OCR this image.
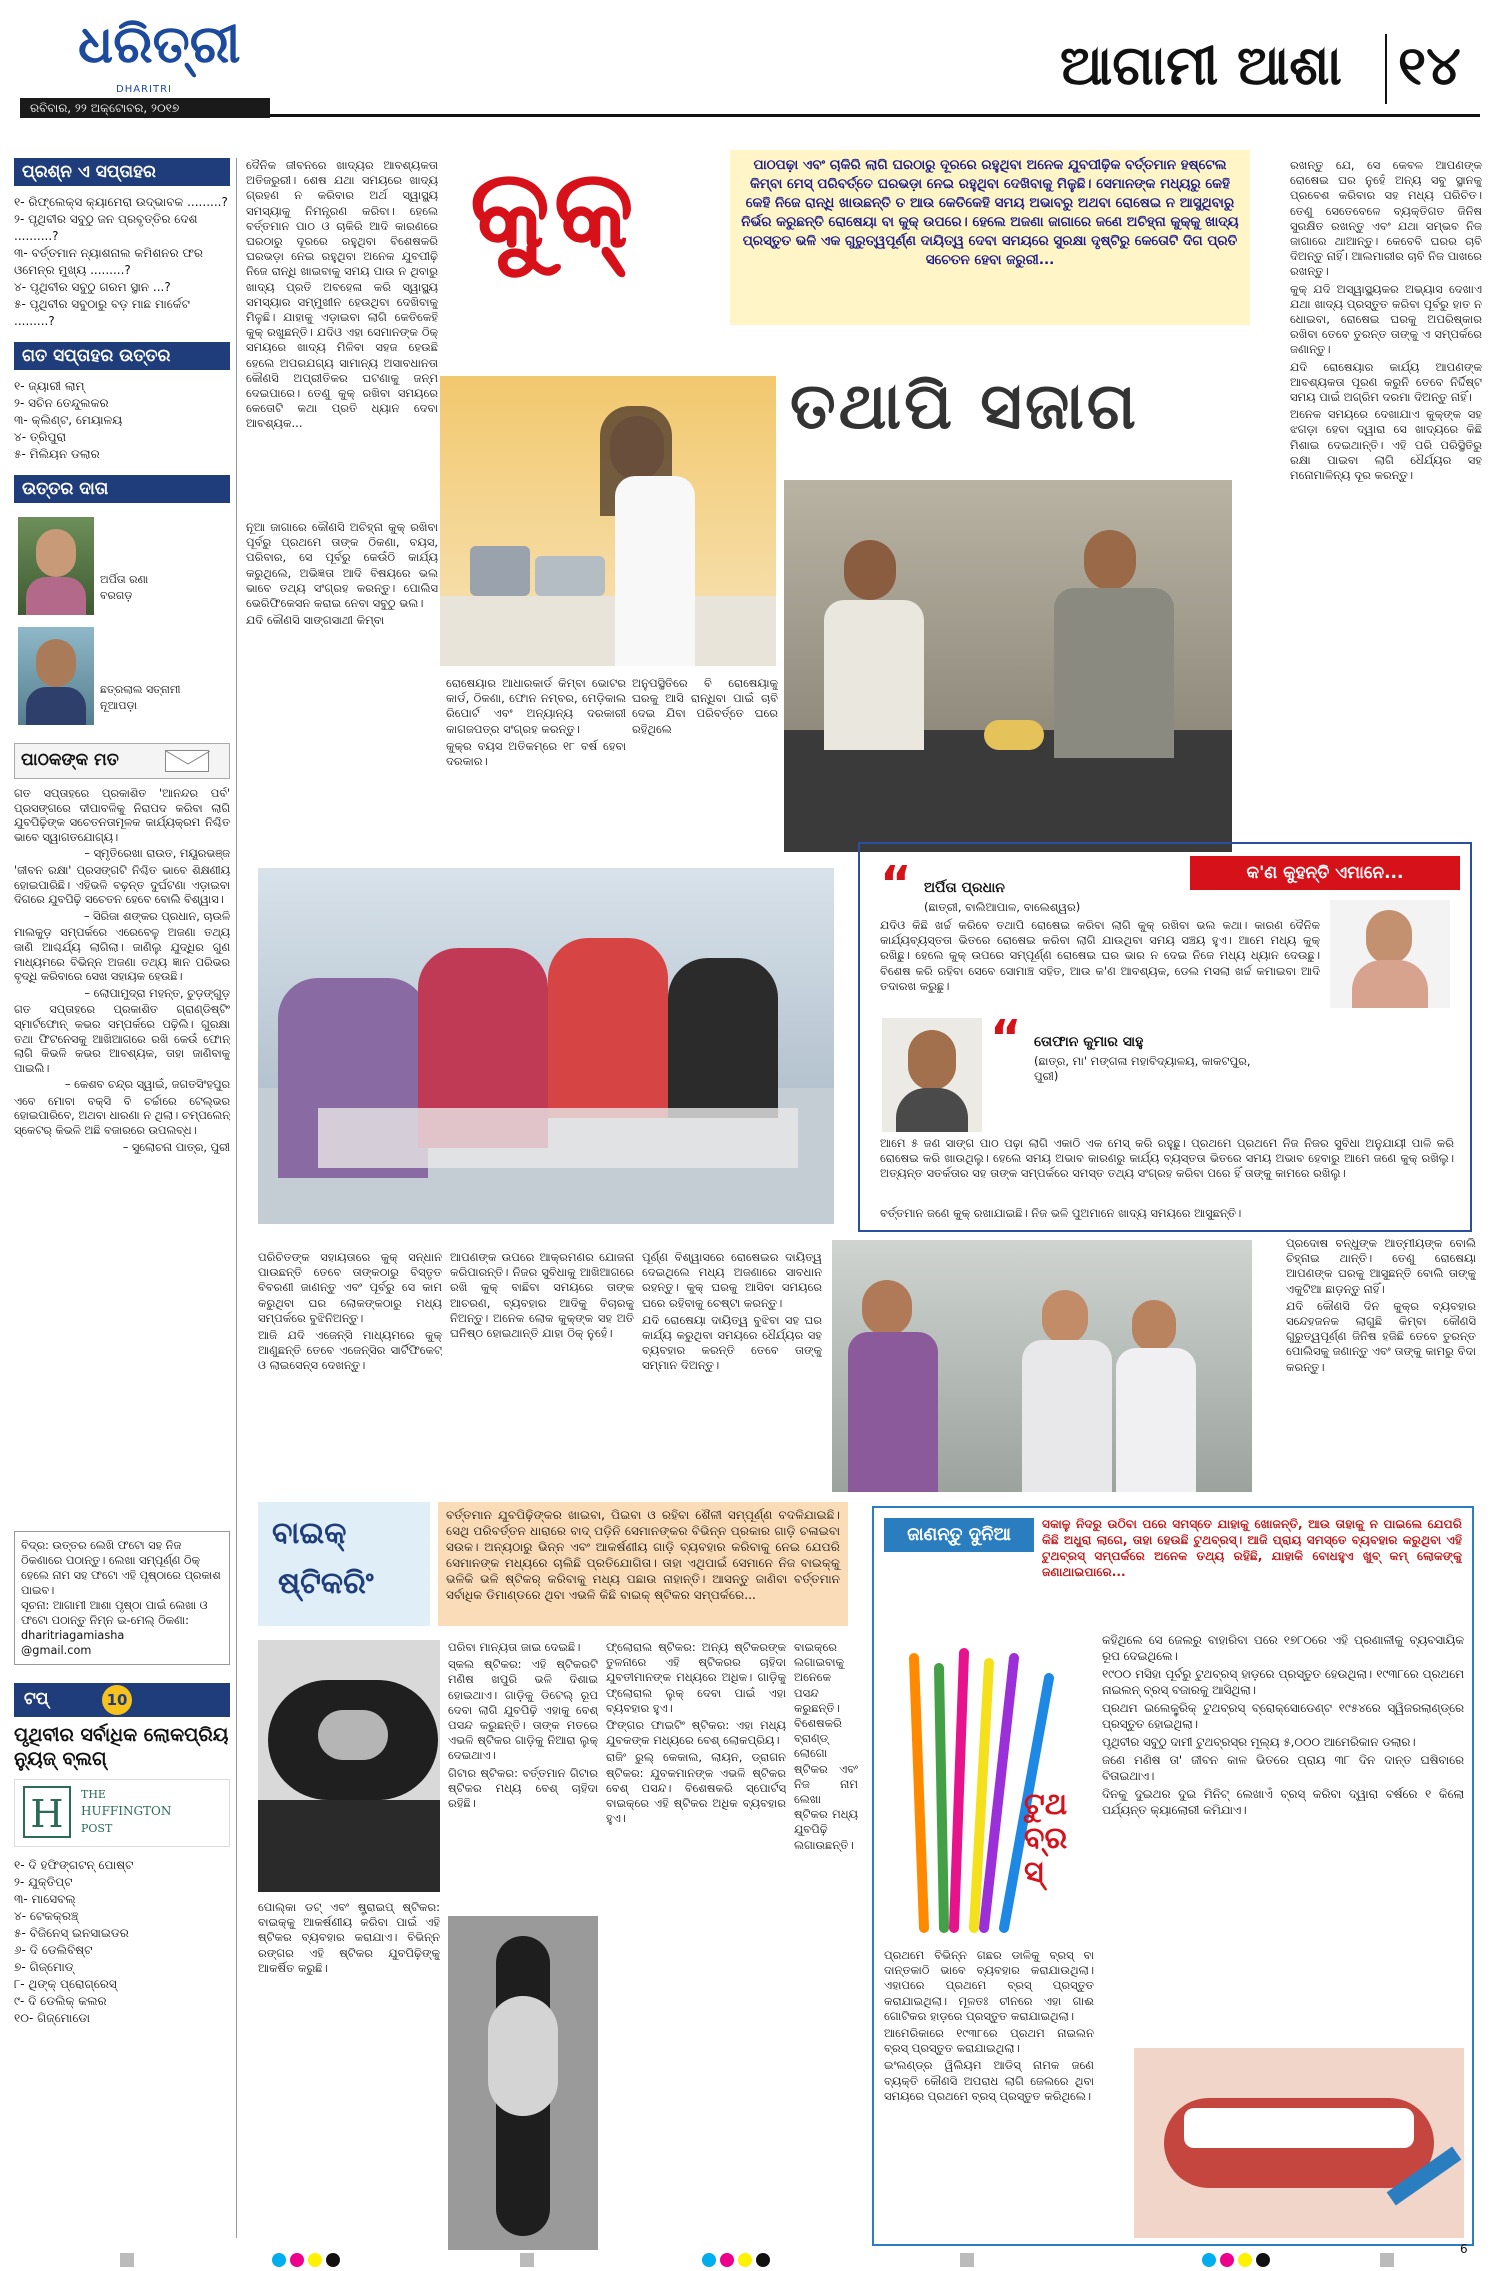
ଧରିତ୍ରୀ
DHARITRI
ରବିବାର, ୨୨ ଅକ୍ଟୋବର, ୨୦୧୭
ଆଗାମୀ ଆଶା ୧୪
ପ୍ରଶ୍ନ ଏ ସପ୍ତାହର
୧- ରିଫ୍ଲେକ୍ସ କ୍ୟାମେରା ଉଦ୍ଭାବକ .........?
୨- ପୃଥିବୀର ସବୁଠୁ ଜନ ପ୍ରବୃତ୍ତିର ଦେଶ ..........?
୩- ବର୍ତ୍ତମାନ ନ୍ୟାଶନାଲ କମିଶନର ଫର ଓମେନ୍‌ର ମୁଖ୍ୟ .........?
୪- ପୃଥିବୀର ସବୁଠୁ ଗରମ ସ୍ଥାନ ...?
୫- ପୃଥିବୀର ସବୁଠାରୁ ବଡ଼ ମାଛ ମାର୍କେଟ .........?
ଗତ ସପ୍ତାହର ଉତ୍ତର
୧- ଜ୍ୟାରୀ ଲାମ୍
୨- ସଚିନ ତେନ୍ଦୁଲକର
୩- କ୍ଲିଣ୍ଟ, ମେୟାଳୟ
୪- ତ୍ରିପୁରା
୫- ମିଲିୟନ ଡଲାର
ଉତ୍ତର ଦାତା
ଅର୍ପିତା ରଣା
ବରଗଡ଼
ଛତ୍ରଲାଲ ସତ୍ନାମୀ
ନୂଆପଡ଼ା
ପାଠକଙ୍କ ମତ

ଗତ ସପ୍ତାହରେ ପ୍ରକାଶିତ 'ଆନନ୍ଦର ପର୍ବ' ପ୍ରସଙ୍ଗରେ ଦୀପାବଳିକୁ ନିରାପଦ କରିବା ଲାଗି ଯୁବପିଢ଼ିଙ୍କ ସଚେତନତାମୂଳକ କାର୍ଯ୍ୟକ୍ରମ ନିଶ୍ଚିତ ଭାବେ ସ୍ୱାଗତଯୋଗ୍ୟ।

– ସ୍ମୃତିରେଖା ରାଉତ, ମୟୂରଭଞ୍ଜ

'ଜୀବନ ରକ୍ଷା' ପ୍ରସଙ୍ଗଟି ନିଶ୍ଚିତ ଭାବେ ଶିକ୍ଷଣୀୟ ହୋଇପାରିଛି। ଏହିଭଳି ବଢ଼ନ୍ତ ଦୁର୍ଘଟଣା ଏଡ଼ାଇବା ଦିଗରେ ଯୁବପିଢ଼ି ସଚେତନ ହେବେ ବୋଲି ବିଶ୍ୱାସ।

– ସିରିଜା ଶଙ୍କର ପ୍ରଧାନ, ଚାଉଳି

ମାଲକୁଡ଼ ସମ୍ପର୍କରେ ଏରେବେଳୁ ଅଜଣା ତଥ୍ୟ ଜାଣି ଆଶ୍ଚର୍ଯ୍ୟ ଲାଗିଲା। ଜାଣିଲୁ ଯୁଦ୍ଧିର ଗୁଣ ମାଧ୍ୟମରେ ବିଭିନ୍ନ ଅଜଣା ତଥ୍ୟ ଜ୍ଞାନ ପରିଭର ବୃଦ୍ଧି କରିବାରେ ସେଖ ସହାୟକ ହେଉଛି।

– ଲୋପାମୁଦ୍ରା ମହନ୍ତ, ଚୁଡ଼ଙ୍ଗୁଡ଼

ଗତ ସପ୍ତାହରେ ପ୍ରକାଶିତ ଗ୍ରାଣ୍ଡିଷ୍ଟିଂ ସ୍ମାର୍ଟଫୋନ୍ କଭର ସମ୍ପର୍କରେ ପଢ଼ିଲି। ଗୁରକ୍ଷା ତଥା ଫିଟନେସକୁ ଆଖିଆଗରେ ରଖି କେଉଁ ଫୋନ୍ ଲାଗି କିଭଳି କଭର ଆବଶ୍ୟକ, ତାହା ଜାଣିବାକୁ ପାଇଲି।

– କେଶବ ଚନ୍ଦ୍ର ସ୍ୱାଇଁ, ଜଗତସିଂହପୁର

ଏବେ ମୋବା ବକ୍ସି ବି ଚର୍ଚ୍ଚାରେ ଟେଲ୍‌ଭର ହୋଇପାରିବେ, ଅଥବା ଧାରଣା ନ ଥିଲା। ଚମ୍ପଲେନ୍ ସ୍କେଟର୍ କିଭଳି ଅଛି ବଜାରରେ ଉପଲବ୍ଧ।

– ସୁଲୋଚନା ପାତ୍ର, ପୁରୀ

ବିଦ୍ର: ଉତ୍ତର ଲେଖି ଫଟୋ ସହ ନିଜ ଠିକଣାରେ ପଠାନ୍ତୁ। ଲେଖା ସମ୍ପୂର୍ଣ୍ଣ ଠିକ୍ ହେଲେ ନାମ ସହ ଫଟୋ ଏହି ପୃଷ୍ଠାରେ ପ୍ରକାଶ ପାଇବ।
ସୂଚନା: ଆଗାମୀ ଆଶା ପୃଷ୍ଠା ପାଇଁ ଲେଖା ଓ ଫଟୋ ପଠାନ୍ତୁ ନିମ୍ନ ଇ-ମେଲ୍ ଠିକଣା:
dharitriagamiasha
@gmail.com
ଟପ୍	10
ପୃଥିବୀର ସର୍ବାଧିକ ଲୋକପ୍ରିୟ ନ୍ୟୁଜ୍ ବ୍ଲଗ୍
H	THE
HUFFINGTON
POST
୧- ଦି ହଫିଙ୍ଗଟନ୍ ପୋଷ୍ଟ
୨- ଯୁକ୍ତିପ୍ଟ
୩- ମାସେବଲ୍
୪- ଟେକକ୍ରଞ୍ଚ୍
୫- ବିଜିନେସ୍ ଇନସାଇଡର
୬- ଦି ଡେଲିବିଷ୍ଟ
୭- ଗିଜ୍‌ମୋଡ୍
୮- ଥିଙ୍କ୍ ପ୍ରୋଗ୍ରେସ୍
୯- ଦି ଡେଲିକ୍ କଲର
୧୦- ଗିଜ୍‌ମୋଡୋ
କୁକ୍	ପାଠପଢ଼ା ଏବଂ ଚାକିରି ଲାଗି ଘରଠାରୁ ଦୂରରେ ରହୁଥିବା ଅନେକ ଯୁବପୀଢ଼ିକ ବର୍ତ୍ତମାନ ହଷ୍ଟେଲ କିମ୍ବା ମେସ୍ ପରିବର୍ତ୍ତେ ଘରଭଡ଼ା ନେଇ ରହୁଥିବା ଦେଖିବାକୁ ମିଳୁଛି। ସେମାନଙ୍କ ମଧ୍ୟରୁ କେହି କେହି ନିଜେ ରାନ୍ଧି ଖାଉଛନ୍ତି ତ ଆଉ କେତିକେହି ସମୟ ଅଭାବରୁ ଅଥବା ରୋଷେଇ ନ ଆସୁଥିବାରୁ ନିର୍ଭର କରୁଛନ୍ତି ରୋଷେୟା ବା କୁକ୍ ଉପରେ। ହେଲେ ଅଜଣା ଜାଗାରେ ଜଣେ ଅଚିହ୍ନା କୁକ୍‌କୁ ଖାଦ୍ୟ ପ୍ରସ୍ତୁତ ଭଳି ଏକ ଗୁରୁତ୍ୱପୂର୍ଣ୍ଣ ଦାୟିତ୍ୱ ଦେବା ସମୟରେ ସୁରକ୍ଷା ଦୃଷ୍ଟିରୁ କେତୋଟି ଦିଗ ପ୍ରତି ସଚେତନ ହେବା ଜରୁରୀ...
ତଥାପି ସଜାଗ

ଦୈନିକ ଜୀବନରେ ଖାଦ୍ୟର ଆବଶ୍ୟକତା ଅତିଜରୁରୀ। ଶେଷ ଯଥା ସମୟରେ ଖାଦ୍ୟ ଗ୍ରହଣ ନ କରିବାର ଅର୍ଥ ସ୍ୱାସ୍ଥ୍ୟ ସମସ୍ୟାକୁ ନିମନ୍ତ୍ରଣ କରିବା। ହେଲେ ବର୍ତ୍ତମାନ ପାଠ ଓ ଚାକିରି ଆଦି କାରଣରେ ଘରଠାରୁ ଦୂରରେ ରହୁଥିବା ବିଶେଷକରି ଘରଭଡ଼ା ନେଇ ରହୁଥିବା ଅନେକ ଯୁବପୀଢ଼ି ନିଜେ ରାନ୍ଧି ଖାଇବାକୁ ସମୟ ପାଉ ନ ଥିବାରୁ ଖାଦ୍ୟ ପ୍ରତି ଅବହେଳା କରି ସ୍ୱାସ୍ଥ୍ୟ ସମସ୍ୟାର ସମ୍ମୁଖୀନ ହେଉଥିବା ଦେଖିବାକୁ ମିଳୁଛି। ଯାହାକୁ ଏଡ଼ାଇବା ଲାଗି କେତିକେହି କୁକ୍ ରଖୁଛନ୍ତି। ଯଦିଓ ଏହା ସେମାନଙ୍କ ଠିକ୍ ସମୟରେ ଖାଦ୍ୟ ମିଳିବା ସହଜ ହେଉଛି ହେଲେ ଅପରଯଗ୍ୟ ସାମାନ୍ୟ ଅସାବଧାନତା କୌଣସି ଅପ୍ରୀତିକର ଘଟଣାକୁ ଜନ୍ମ ଦେଇପାରେ। ତେଣୁ କୁକ୍ ରଖିବା ସମୟରେ କେତୋଟି କଥା ପ୍ରତି ଧ୍ୟାନ ଦେବା ଆବଶ୍ୟକ...

ନୂଆ ଜାଗାରେ କୌଣସି ଅଚିହ୍ନା କୁକ୍ ରଖିବା ପୂର୍ବରୁ ପ୍ରଥମେ ତାଙ୍କ ଠିକଣା, ବୟସ, ପରିବାର, ସେ ପୂର୍ବରୁ କେଉଁଠି କାର୍ଯ୍ୟ କରୁଥିଲେ, ଅଭିଜ୍ଞତା ଆଦି ବିଷୟରେ ଭଲ ଭାବେ ତଥ୍ୟ ସଂଗ୍ରହ କରନ୍ତୁ। ପୋଲିସ ଭେରିଫିକେସନ କରାଇ ନେବା ସବୁଠୁ ଭଲ।

ଯଦି କୌଣସି ସାଙ୍ଗସାଥୀ କିମ୍ବା

ରୋଷେୟାର ଆଧାରକାର୍ଡ କିମ୍ବା ଭୋଟର କାର୍ଡ, ଠିକଣା, ଫୋନ ନମ୍ବର, ମେଡ଼ିକାଲ ରିପୋର୍ଟ ଏବଂ ଅନ୍ୟାନ୍ୟ ଦରକାରୀ କାଗଜପତ୍ର ସଂଗ୍ରହ କରନ୍ତୁ।

କୁକ୍‌ର ବୟସ ଅତିକମ୍‌ରେ ୧୮ ବର୍ଷ ହେବା ଦରକାର।

ଅନୁପସ୍ଥିତିରେ ବି ରୋଷେୟାକୁ ଘରକୁ ଆସି ରାନ୍ଧିବା ପାଇଁ ଚାବି ଦେଇ ଯିବା ପରିବର୍ତ୍ତେ ଘରେ ରହିଥିଲେ

ରଖନ୍ତୁ ଯେ, ସେ କେବଳ ଆପଣଙ୍କ ରୋଷେଇ ଘର ନୁହେଁ ଅନ୍ୟ ସବୁ ସ୍ଥାନକୁ ପ୍ରବେଶ କରିବାର ସହ ମଧ୍ୟ ପରିଚିତ। ତେଣୁ ସେତେବେଳେ ବ୍ୟକ୍ତିଗତ ଜିନିଷ ସୁରକ୍ଷିତ ରଖନ୍ତୁ ଏବଂ ଯଥା ସମ୍ଭବ ନିଜ ଜାଗାରେ ଥାଆନ୍ତୁ। କେବେବି ଘରର ଚାବି ଦିଅନ୍ତୁ ନାହିଁ। ଆଲମାରୀର ଚାବି ନିଜ ପାଖରେ ରଖନ୍ତୁ।

କୁକ୍ ଯଦି ଅସ୍ୱାସ୍ଥ୍ୟକର ଅଭ୍ୟାସ ଦେଖାଏ ଯଥା ଖାଦ୍ୟ ପ୍ରସ୍ତୁତ କରିବା ପୂର୍ବରୁ ହାତ ନ ଧୋଇବା, ରୋଷେଇ ଘରକୁ ଅପରିଷ୍କାର ରଖିବା ତେବେ ତୁରନ୍ତ ତାଙ୍କୁ ଏ ସମ୍ପର୍କରେ ଜଣାନ୍ତୁ।

ଯଦି ରୋଷେୟାର କାର୍ଯ୍ୟ ଆପଣଙ୍କ ଆବଶ୍ୟକତା ପୂରଣ କରୁନି ତେବେ ନିର୍ଦ୍ଦିଷ୍ଟ ସମୟ ପାଇଁ ଅଗ୍ରିମ ଦରମା ଦିଅନ୍ତୁ ନାହିଁ।

ଅନେକ ସମୟରେ ଦେଖାଯାଏ କୁକ୍‌ଙ୍କ ସହ ଝଗଡ଼ା ହେବା ଦ୍ୱାରା ସେ ଖାଦ୍ୟରେ କିଛି ମିଶାଇ ଦେଇଥାନ୍ତି। ଏହି ପରି ପରିସ୍ଥିତିରୁ ରକ୍ଷା ପାଇବା ଲାଗି ଧୈର୍ଯ୍ୟର ସହ ମନୋମାଳିନ୍ୟ ଦୂର କରନ୍ତୁ।

କ'ଣ କୁହନ୍ତି ଏମାନେ...
“ ଅର୍ପିତା ପ୍ରଧାନ
(ଛାତ୍ରୀ, ବାଲିଆପାଳ, ବାଲେଶ୍ୱର)
ଯଦିଓ କିଛି ଖର୍ଚ୍ଚ କରିବେ ତଥାପି ରୋଷେଇ କରିବା ଲାଗି କୁକ୍ ରଖିବା ଭଲ କଥା। କାରଣ ଦୈନିକ କାର୍ଯ୍ୟବ୍ୟସ୍ତତା ଭିତରେ ରୋଷେଇ କରିବା ଲାଗି ଯାଉଥିବା ସମୟ ସଞ୍ଚୟ ହୁଏ। ଆମେ ମଧ୍ୟ କୁକ୍ ରଖିଛୁ। ହେଲେ କୁକ୍ ଉପରେ ସମ୍ପୂର୍ଣ୍ଣ ରୋଷେଇ ଘର ଭାର ନ ଦେଇ ନିଜେ ମଧ୍ୟ ଧ୍ୟାନ ଦେଉଛୁ। ବିଶେଷ କରି ରହିବା ସେବେ ସୋମାଞ୍ଚ ସହିତ, ଆଉ କ'ଣ ଆବଶ୍ୟକ, ଡେଲ ମସଲା ଖର୍ଚ୍ଚ କମାଇବା ଆଦି ତଦାରଖ କରୁଛୁ।
“ ତୋଫାନ କୁମାର ସାହୁ
(ଛାତ୍ର, ମା' ମଙ୍ଗଳା ମହାବିଦ୍ୟାଳୟ, କାକଟପୁର, ପୁରୀ)
ଆମେ ୫ ଜଣ ସାଙ୍ଗ ପାଠ ପଢ଼ା ଲାଗି ଏକାଠି ଏକ ମେସ୍ କରି ରହୁଛୁ। ପ୍ରଥମେ ପ୍ରଥମେ ନିଜ ନିଜର ସୁବିଧା ଅନୁଯାୟୀ ପାଳି କରି ରୋଷେଇ କରି ଖାଉଥିଲୁ। ହେଲେ ସମୟ ଅଭାବ କାରଣରୁ କାର୍ଯ୍ୟ ବ୍ୟସ୍ତତା ଭିତରେ ସମୟ ଅଭାବ ହେବାରୁ ଆମେ ଜଣେ କୁକ୍ ରଖିଲୁ। ଅତ୍ୟନ୍ତ ସତର୍କତାର ସହ ତାଙ୍କ ସମ୍ପର୍କରେ ସମସ୍ତ ତଥ୍ୟ ସଂଗ୍ରହ କରିବା ପରେ ହିଁ ତାଙ୍କୁ କାମରେ ରଖିଲୁ।
ବର୍ତ୍ତମାନ ଜଣେ କୁକ୍ ରଖାଯାଇଛି। ନିଜ ଭଳି ପୁଅମାନେ ଖାଦ୍ୟ ସମୟରେ ଆସୁଛନ୍ତି।

ପରିଚିତଙ୍କ ସହାୟତାରେ କୁକ୍ ସନ୍ଧାନ ପାଉଛନ୍ତି ତେବେ ତାଙ୍କଠାରୁ ବିସ୍ତୃତ ବିବରଣୀ ଜାଣନ୍ତୁ ଏବଂ ପୂର୍ବରୁ ସେ କାମ କରୁଥିବା ଘର ଲୋକଙ୍କଠାରୁ ମଧ୍ୟ ସମ୍ପର୍କରେ ବୁଝିନିଅନ୍ତୁ।

ଆଜି ଯଦି ଏଜେନ୍ସି ମାଧ୍ୟମରେ କୁକ୍ ଆଣୁଛନ୍ତି ତେବେ ଏଜେନ୍ସିର ସାର୍ଟିଫିକେଟ୍ ଓ ଲାଇସେନ୍ସ ଦେଖନ୍ତୁ।

ଆପଣଙ୍କ ଉପରେ ଆକ୍ରମଣର ଯୋଜନା କରିପାରନ୍ତି। ନିଜର ସୁବିଧାକୁ ଆଖିଆଗରେ ରଖି କୁକ୍ ବାଛିବା ସମୟରେ ତାଙ୍କ ଆଚରଣ, ବ୍ୟବହାର ଆଦିକୁ ବିଚାରକୁ ନିଅନ୍ତୁ। ଅନେକ ଲୋକ କୁକ୍‌ଙ୍କ ସହ ଅତି ଘନିଷ୍ଠ ହୋଇଥାନ୍ତି ଯାହା ଠିକ୍ ନୁହେଁ।

ପୂର୍ଣ୍ଣ ବିଶ୍ୱାସରେ ରୋଷେଇର ଦାୟିତ୍ୱ ଦେଇଥିଲେ ମଧ୍ୟ ଅଜଣାରେ ସାବଧାନ ରହନ୍ତୁ। କୁକ୍ ଘରକୁ ଆସିବା ସମୟରେ ଘରେ ରହିବାକୁ ଚେଷ୍ଟା କରନ୍ତୁ।

ଯଦି ରୋଷେୟା ଦାୟିତ୍ୱ ବୁଝିବା ସହ ଘର କାର୍ଯ୍ୟ କରୁଥିବା ସମୟରେ ଧୈର୍ଯ୍ୟର ସହ ବ୍ୟବହାର କରନ୍ତି ତେବେ ତାଙ୍କୁ ସମ୍ମାନ ଦିଅନ୍ତୁ।

ପ୍ରଦୋଷ ବନ୍ଧୁଙ୍କ ଆତ୍ମୀୟଙ୍କ ବୋଲି ଚିହ୍ନାଇ ଥାନ୍ତି। ତେଣୁ ରୋଷେୟା ଆପଣଙ୍କ ଘରକୁ ଆସୁଛନ୍ତି ବୋଲି ତାଙ୍କୁ ଏକୁଟିଆ ଛାଡ଼ନ୍ତୁ ନାହିଁ।

ଯଦି କୌଣସି ଦିନ କୁକ୍‌ର ବ୍ୟବହାର ସନ୍ଦେହଜନକ ଲାଗୁଛି କିମ୍ବା କୌଣସି ଗୁରୁତ୍ୱପୂର୍ଣ୍ଣ ଜିନିଷ ହଜିଛି ତେବେ ତୁରନ୍ତ ପୋଲିସକୁ ଜଣାନ୍ତୁ ଏବଂ ତାଙ୍କୁ କାମରୁ ବିଦା କରନ୍ତୁ।

ବାଇକ୍
ଷ୍ଟିକରିଂ
ବର୍ତ୍ତମାନ ଯୁବପିଢ଼ିଙ୍କର ଖାଇବା, ପିଇବା ଓ ରହିବା ଶୈଳୀ ସମ୍ପୂର୍ଣ୍ଣ ବଦଳିଯାଇଛି। ସେଥି ପରିବର୍ତ୍ତନ ଧାରାରେ ବାଦ୍ ପଡ଼ିନି ସେମାନଙ୍କର ବିଭିନ୍ନ ପ୍ରକାର ଗାଡ଼ି ଚଳାଇବା ସଉକ। ଅନ୍ୟଠାରୁ ଭିନ୍ନ ଏବଂ ଆକର୍ଷଣୀୟ ଗାଡ଼ି ବ୍ୟବହାର କରିବାକୁ ନେଇ ଯେପରି ସେମାନଙ୍କ ମଧ୍ୟରେ ଚାଲିଛି ପ୍ରତିଯୋଗିତା। ତାହା ଏଥିପାଇଁ ସେମାନେ ନିଜ ବାଇକ୍‌କୁ ଭଳିକି ଭଳି ଷ୍ଟିକର୍ କରିବାକୁ ମଧ୍ୟ ପଛାଉ ନାହାନ୍ତି। ଆସନ୍ତୁ ଜାଣିବା ବର୍ତ୍ତମାନ ସର୍ବାଧିକ ଡିମାଣ୍ଡରେ ଥିବା ଏଭଳି କିଛି ବାଇକ୍ ଷ୍ଟିକର ସମ୍ପର୍କରେ...

ପରିବା ମାନ୍ୟତା ଜାଇ ଦେଇଛି।

ସ୍କଲ ଷ୍ଟିକର: ଏହି ଷ୍ଟିକରଟି ମଣିଷ ଖପୁରି ଭଳି ଦିଶାଇ ହୋଇଥାଏ। ଗାଡ଼ିକୁ ଡିଟେଲ୍ ରୂପ ଦେବା ଲାଗି ଯୁବପିଢ଼ି ଏହାକୁ ବେଶ୍ ପସନ୍ଦ କରୁଛନ୍ତି। ତାଙ୍କ ମତରେ ଏଭଳି ଷ୍ଟିକର ଗାଡ଼ିକୁ ନିଆରା ଲୁକ୍ ଦେଇଥାଏ।

ଗିଟାର ଷ୍ଟିକର: ବର୍ତ୍ତମାନ ଗିଟାର ଷ୍ଟିକର ମଧ୍ୟ ବେଶ୍ ଚାହିଦା ରହିଛି।

ପୋଲ୍କା ଡଟ୍ ଏବଂ ଷ୍ଟ୍ରାଇପ୍ ଷ୍ଟିକର: ବାଇକ୍‌କୁ ଆକର୍ଷଣୀୟ କରିବା ପାଇଁ ଏହି ଷ୍ଟିକର ବ୍ୟବହାର କରାଯାଏ। ବିଭିନ୍ନ ରଙ୍ଗର ଏହି ଷ୍ଟିକର ଯୁବପିଢ଼ିଙ୍କୁ ଆକର୍ଷିତ କରୁଛି।

ଫ୍ଲୋରାଲ ଷ୍ଟିକର: ଅନ୍ୟ ଷ୍ଟିକରଙ୍କ ତୁଳନାରେ ଏହି ଷ୍ଟିକରର ଚାହିଦା ଯୁବତୀମାନଙ୍କ ମଧ୍ୟରେ ଅଧିକ। ଗାଡ଼ିକୁ ଫ୍ଲୋରାଲ ଲୁକ୍ ଦେବା ପାଇଁ ଏହା ବ୍ୟବହାର ହୁଏ।

ଫିଙ୍ଗର ଫାଇଟିଂ ଷ୍ଟିକର: ଏହା ମଧ୍ୟ ଯୁବକଙ୍କ ମଧ୍ୟରେ ବେଶ୍ ଲୋକପ୍ରିୟ।

ରାଜିଂ ରୁଲ୍ କେକାଲ, ଲାୟନ, ଡ୍ରାଗନ ଷ୍ଟିକର: ଯୁବକମାନଙ୍କ ଏଭଳି ଷ୍ଟିକର ବେଶ୍ ପସନ୍ଦ। ବିଶେଷକରି ସ୍ପୋର୍ଟସ୍ ବାଇକ୍‌ରେ ଏହି ଷ୍ଟିକର ଅଧିକ ବ୍ୟବହାର ହୁଏ।

ବାଇକ୍‌ରେ ଲଗାଇବାକୁ ଅନେକେ ପସନ୍ଦ କରୁଛନ୍ତି। ବିଶେଷକରି ବ୍ରାଣ୍ଡ୍ ଲୋଗୋ ଷ୍ଟିକର ଏବଂ ନିଜ ନାମ ଲେଖା ଷ୍ଟିକର ମଧ୍ୟ ଯୁବପିଢ଼ି ଲଗାଉଛନ୍ତି।

ଜାଣନ୍ତୁ ଦୁନିଆ	ସକାଳୁ ନିଦରୁ ଉଠିବା ପରେ ସମସ୍ତେ ଯାହାକୁ ଖୋଜନ୍ତି, ଆଉ ତାହାକୁ ନ ପାଇଲେ ଯେପରି କିଛି ଅଧୁରା ଲାଗେ, ତାହା ହେଉଛି ଟୁଥବ୍ରସ୍। ଆଜି ପ୍ରାୟ ସମସ୍ତେ ବ୍ୟବହାର କରୁଥିବା ଏହି ଟୁଥବ୍ରସ୍ ସମ୍ପର୍କରେ ଅନେକ ତଥ୍ୟ ରହିଛି, ଯାହାକି ବୋଧହୁଏ ଖୁବ୍ କମ୍ ଲୋକଙ୍କୁ ଜଣାଥାଇପାରେ...
ଟୁଥବ୍ରସ୍

ପ୍ରଥମେ ବିଭିନ୍ନ ଗଛର ଡାଳିକୁ ବ୍ରସ୍ ବା ଦାନ୍ତକାଠି ଭାବେ ବ୍ୟବହାର କରାଯାଉଥିଲା। ଏହାପରେ ପ୍ରଥମେ ବ୍ରସ୍ ପ୍ରସ୍ତୁତ କରାଯାଇଥିଲା। ମୂଳତଃ ଚୀନରେ ଏହା ଗାଈ ଗୋଟିକର ହାଡ଼ରେ ପ୍ରସ୍ତୁତ କରାଯାଇଥିଲା।

ଆମେରିକାରେ ୧୯୩୮ରେ ପ୍ରଥମ ନାଇଲନ ବ୍ରସ୍ ପ୍ରସ୍ତୁତ କରାଯାଇଥିଲା।

ଇଂଲଣ୍ଡ୍‌ର ୱିଲିୟମ ଆଡିସ୍ ନାମକ ଜଣେ ବ୍ୟକ୍ତି କୌଣସି ଅପରାଧ ଲାଗି ଜେଲରେ ଥିବା ସମୟରେ ପ୍ରଥମେ ବ୍ରସ୍ ପ୍ରସ୍ତୁତ କରିଥିଲେ।

କହିଥିଲେ ସେ ଜେଲରୁ ବାହାରିବା ପରେ ୧୭୮୦ରେ ଏହି ପ୍ରଣାଳୀକୁ ବ୍ୟବସାୟିକ ରୂପ ଦେଇଥିଲେ।

୧୯୦୦ ମସିହା ପୂର୍ବରୁ ଟୁଥବ୍ରସ୍ ହାଡ଼ରେ ପ୍ରସ୍ତୁତ ହେଉଥିଲା। ୧୯୩୮ରେ ପ୍ରଥମେ ନାଇଲନ୍ ବ୍ରସ୍ ବଜାରକୁ ଆସିଥିଲା।

ପ୍ରଥମ ଇଲେକ୍ଟ୍ରିକ୍ ଟୁଥବ୍ରସ୍ ବ୍ରୋକ୍ସୋଡେଣ୍ଟ ୧୯୫୪ରେ ସ୍ୱିଜରଲାଣ୍ଡ୍‌ରେ ପ୍ରସ୍ତୁତ ହୋଇଥିଲା।

ପୃଥିବୀର ସବୁଠୁ ଦାମୀ ଟୁଥବ୍ରସ୍‌ର ମୂଲ୍ୟ ୫,୦୦୦ ଆମେରିକାନ ଡଲାର।

ଜଣେ ମଣିଷ ତା' ଜୀବନ କାଳ ଭିତରେ ପ୍ରାୟ ୩୮ ଦିନ ଦାନ୍ତ ଘଷିବାରେ ବିତାଇଥାଏ।

ଦିନକୁ ଦୁଇଥର ଦୁଇ ମିନିଟ୍ ଲେଖାଏଁ ବ୍ରସ୍ କରିବା ଦ୍ୱାରା ବର୍ଷରେ ୧ କିଲୋ ପର୍ଯ୍ୟନ୍ତ କ୍ୟାଲୋରୀ କମିଯାଏ।

6
